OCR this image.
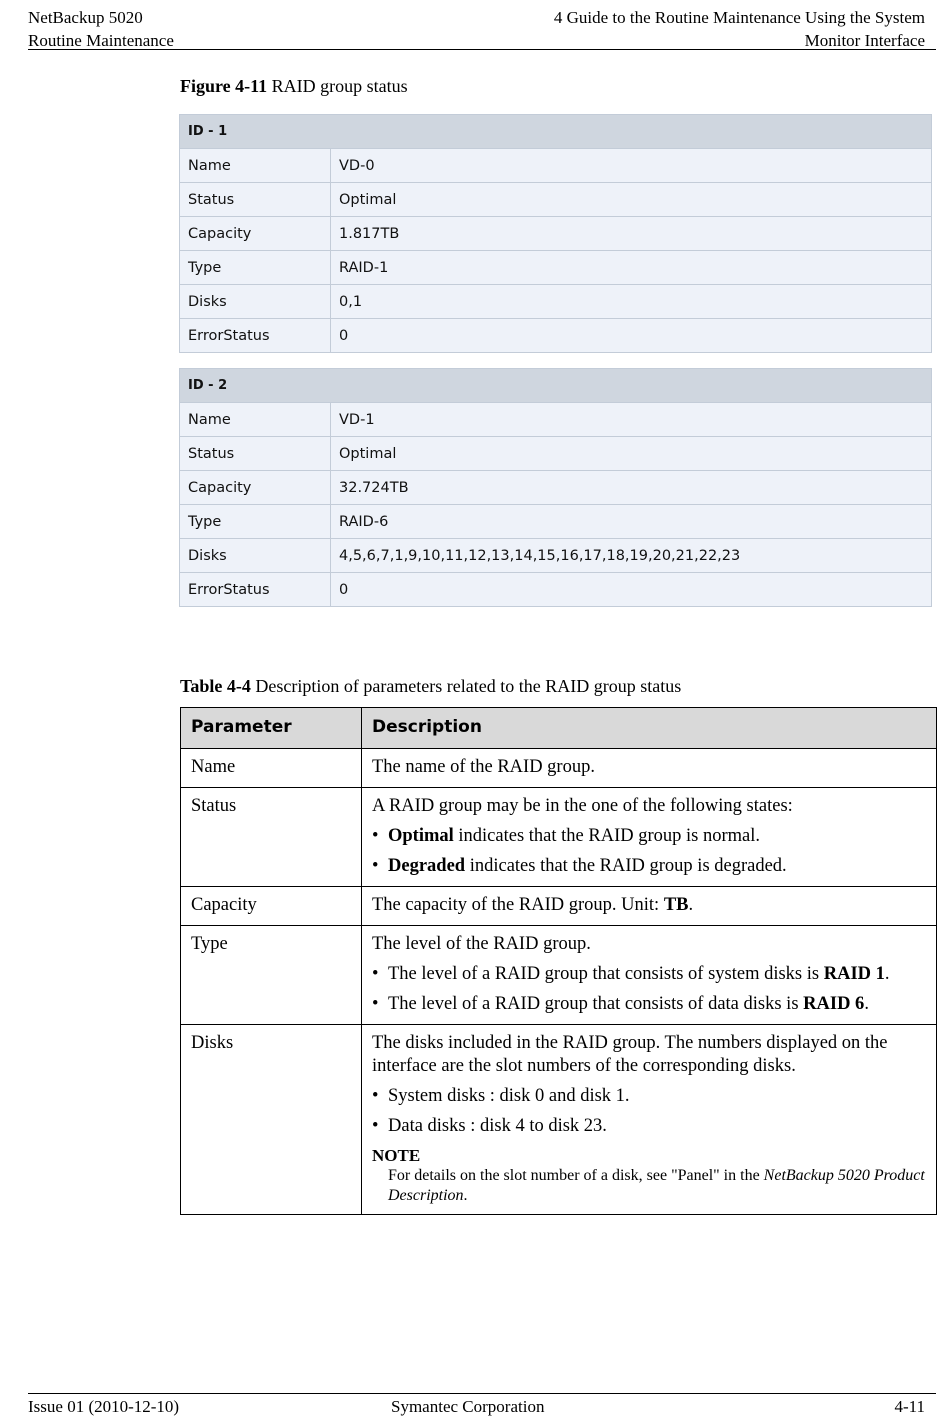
NetBackup 5020
Routine Maintenance
4 Guide to the Routine Maintenance Using the System
Monitor Interface
Figure 4-11 RAID group status
ID - 1	
Name	VD-0
Status	Optimal
Capacity	1.817TB
Type	RAID-1
Disks	0,1
ErrorStatus	0
ID - 2	
Name	VD-1
Status	Optimal
Capacity	32.724TB
Type	RAID-6
Disks	4,5,6,7,1,9,10,11,12,13,14,15,16,17,18,19,20,21,22,23
ErrorStatus	0
Table 4-4 Description of parameters related to the RAID group status
Parameter	Description
Name	The name of the RAID group.
Status	A RAID group may be in the one of the following states:
• Optimal indicates that the RAID group is normal.
• Degraded indicates that the RAID group is degraded.

Capacity	The capacity of the RAID group. Unit: TB.
Type	The level of the RAID group.
• The level of a RAID group that consists of system disks is RAID 1.
• The level of a RAID group that consists of data disks is RAID 6.

Disks	The disks included in the RAID group. The numbers displayed on the interface are the slot numbers of the corresponding disks.
• System disks : disk 0 and disk 1.
• Data disks : disk 4 to disk 23.
NOTE
For details on the slot number of a disk, see "Panel" in the NetBackup 5020 Product Description.
Issue 01 (2010-12-10)	Symantec Corporation	4-11
